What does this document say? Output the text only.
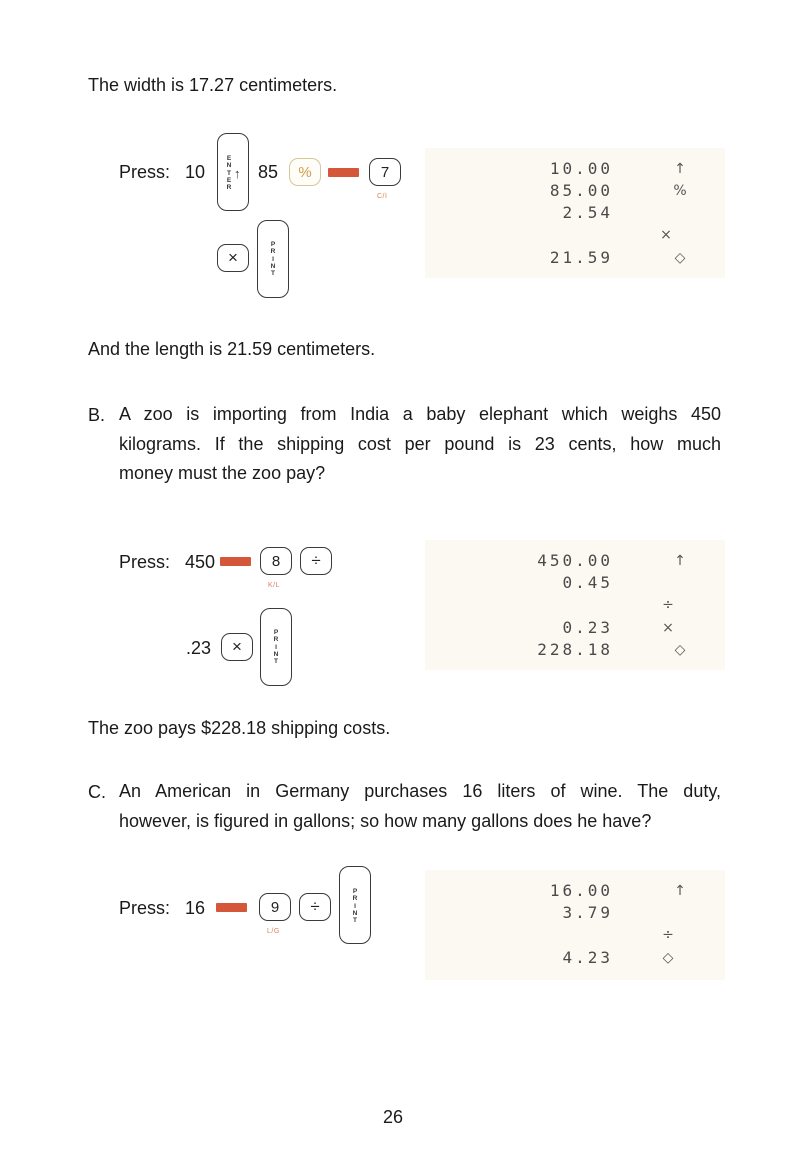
The width is 17.27 centimeters.
Press: 10
E
N
T
E
R
↑ 85	%	7
C/I
×
P
R
I
N
T
10.00	↑
85.00	%
2.54
×
21.59	◇
And the length is 21.59 centimeters.
B. A zoo is importing from India a baby elephant which weighs 450
kilograms. If the shipping cost per pound is 23 cents, how much
money must the zoo pay?
Press: 450	8
K/L
÷
.23	×
P
R
I
N
T
450.00	↑
0.45
÷
0.23	×
228.18	◇
The zoo pays $228.18 shipping costs.
C. An American in Germany purchases 16 liters of wine. The duty,
however, is figured in gallons; so how many gallons does he have?
Press: 16	9
L/G
÷
P
R
I
N
T
16.00	↑
3.79
÷
4.23	◇
26
